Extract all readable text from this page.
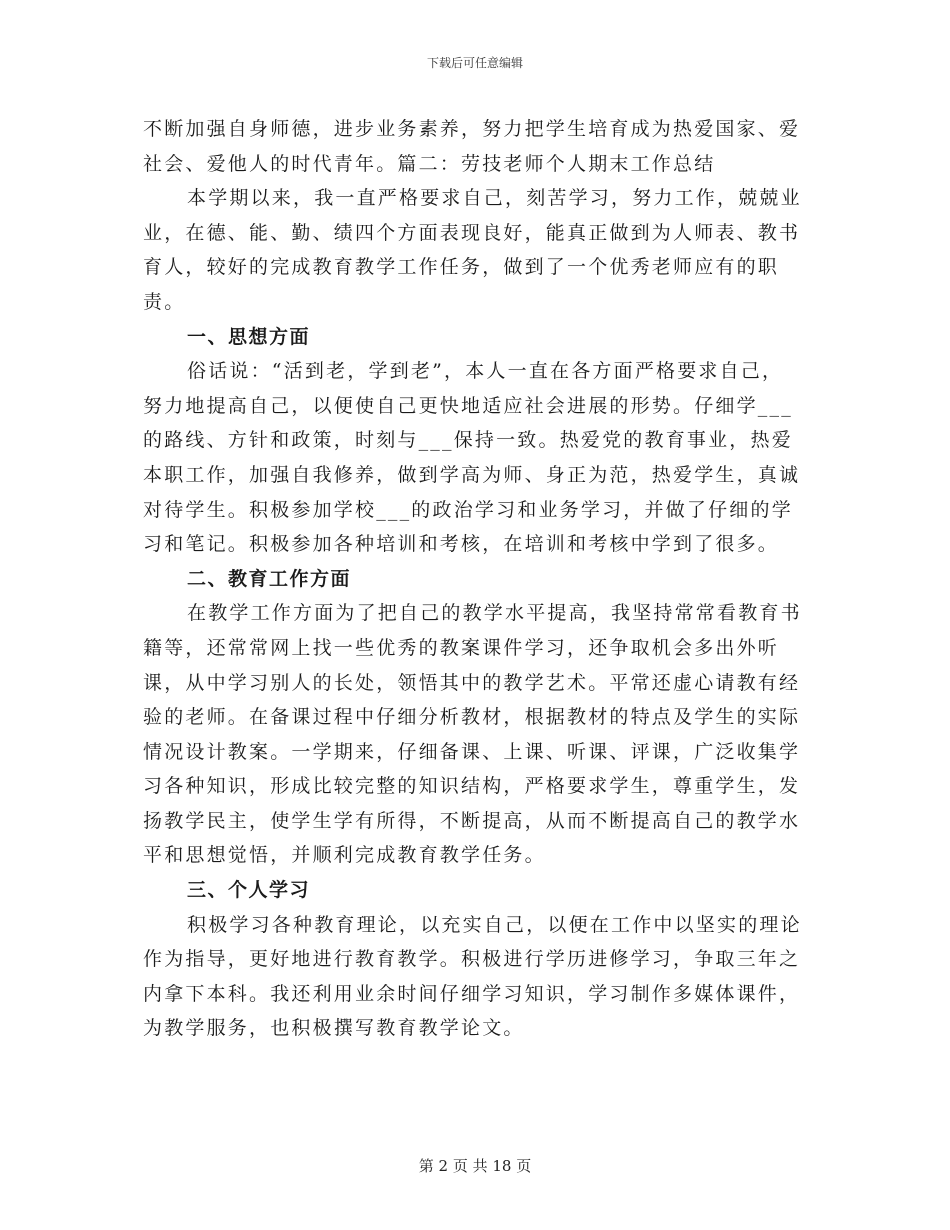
下载后可任意编辑

不断加强自身师德，进步业务素养，努力把学生培育成为热爱国家、爱社会、爱他人的时代青年。篇二：劳技老师个人期末工作总结

本学期以来，我一直严格要求自己，刻苦学习，努力工作，兢兢业业，在德、能、勤、绩四个方面表现良好，能真正做到为人师表、教书育人，较好的完成教育教学工作任务，做到了一个优秀老师应有的职责。

一、思想方面

俗话说：“活到老，学到老”，本人一直在各方面严格要求自己，努力地提高自己，以便使自己更快地适应社会进展的形势。仔细学___的路线、方针和政策，时刻与___保持一致。热爱党的教育事业，热爱本职工作，加强自我修养，做到学高为师、身正为范，热爱学生，真诚对待学生。积极参加学校___的政治学习和业务学习，并做了仔细的学习和笔记。积极参加各种培训和考核，在培训和考核中学到了很多。

二、教育工作方面

在教学工作方面为了把自己的教学水平提高，我坚持常常看教育书籍等，还常常网上找一些优秀的教案课件学习，还争取机会多出外听课，从中学习别人的长处，领悟其中的教学艺术。平常还虚心请教有经验的老师。在备课过程中仔细分析教材，根据教材的特点及学生的实际情况设计教案。一学期来，仔细备课、上课、听课、评课，广泛收集学习各种知识，形成比较完整的知识结构，严格要求学生，尊重学生，发扬教学民主，使学生学有所得，不断提高，从而不断提高自己的教学水平和思想觉悟，并顺利完成教育教学任务。

三、个人学习

积极学习各种教育理论，以充实自己，以便在工作中以坚实的理论作为指导，更好地进行教育教学。积极进行学历进修学习，争取三年之内拿下本科。我还利用业余时间仔细学习知识，学习制作多媒体课件，为教学服务，也积极撰写教育教学论文。

第 2 页 共 18 页
